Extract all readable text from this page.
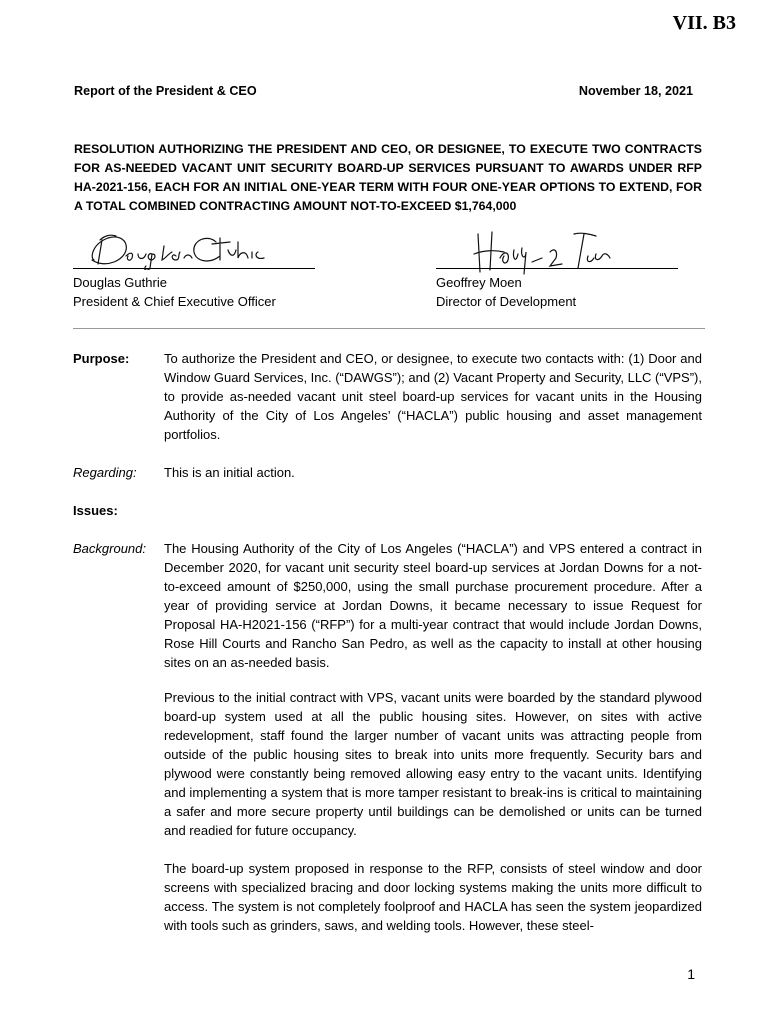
VII. B3
Report of the President & CEO	November 18, 2021
RESOLUTION AUTHORIZING THE PRESIDENT AND CEO, OR DESIGNEE, TO EXECUTE TWO CONTRACTS FOR AS-NEEDED VACANT UNIT SECURITY BOARD-UP SERVICES PURSUANT TO AWARDS UNDER RFP HA-2021-156, EACH FOR AN INITIAL ONE-YEAR TERM WITH FOUR ONE-YEAR OPTIONS TO EXTEND, FOR A TOTAL COMBINED CONTRACTING AMOUNT NOT-TO-EXCEED $1,764,000
Douglas Guthrie
President & Chief Executive Officer
Geoffrey Moen
Director of Development
Purpose:	To authorize the President and CEO, or designee, to execute two contacts with: (1) Door and Window Guard Services, Inc. (“DAWGS”); and (2) Vacant Property and Security, LLC (“VPS”), to provide as-needed vacant unit steel board-up services for vacant units in the Housing Authority of the City of Los Angeles’ (“HACLA”) public housing and asset management portfolios.
Regarding: This is an initial action.
Issues:
Background: The Housing Authority of the City of Los Angeles (“HACLA”) and VPS entered a contract in December 2020, for vacant unit security steel board-up services at Jordan Downs for a not-to-exceed amount of $250,000, using the small purchase procurement procedure. After a year of providing service at Jordan Downs, it became necessary to issue Request for Proposal HA-H2021-156 (“RFP”) for a multi-year contract that would include Jordan Downs, Rose Hill Courts and Rancho San Pedro, as well as the capacity to install at other housing sites on an as-needed basis.
Previous to the initial contract with VPS, vacant units were boarded by the standard plywood board-up system used at all the public housing sites. However, on sites with active redevelopment, staff found the larger number of vacant units was attracting people from outside of the public housing sites to break into units more frequently. Security bars and plywood were constantly being removed allowing easy entry to the vacant units. Identifying and implementing a system that is more tamper resistant to break-ins is critical to maintaining a safer and more secure property until buildings can be demolished or units can be turned and readied for future occupancy.
The board-up system proposed in response to the RFP, consists of steel window and door screens with specialized bracing and door locking systems making the units more difficult to access. The system is not completely foolproof and HACLA has seen the system jeopardized with tools such as grinders, saws, and welding tools. However, these steel-
1
